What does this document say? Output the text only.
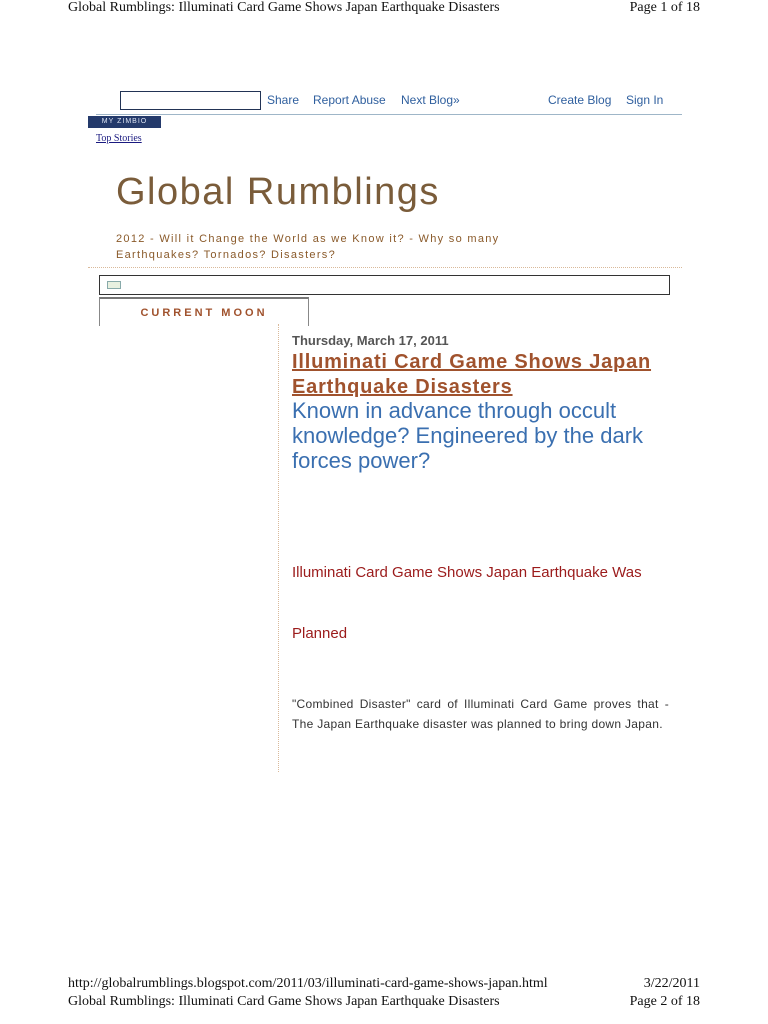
Global Rumblings: Illuminati Card Game Shows Japan Earthquake Disasters	Page 1 of 18
Share Report Abuse Next Blog»	Create Blog Sign In
MY ZIMBIO
Top Stories
Global Rumblings

2012 - Will it Change the World as we Know it? - Why so many Earthquakes? Tornados? Disasters?

CURRENT MOON
Thursday, March 17, 2011
Illuminati Card Game Shows Japan Earthquake Disasters

Known in advance through occult knowledge? Engineered by the dark forces power?

Illuminati Card Game Shows Japan Earthquake Was

Planned

"Combined Disaster" card of Illuminati Card Game proves that - The Japan Earthquake disaster was planned to bring down Japan.

http://globalrumblings.blogspot.com/2011/03/illuminati-card-game-shows-japan.html	3/22/2011
Global Rumblings: Illuminati Card Game Shows Japan Earthquake Disasters	Page 2 of 18
